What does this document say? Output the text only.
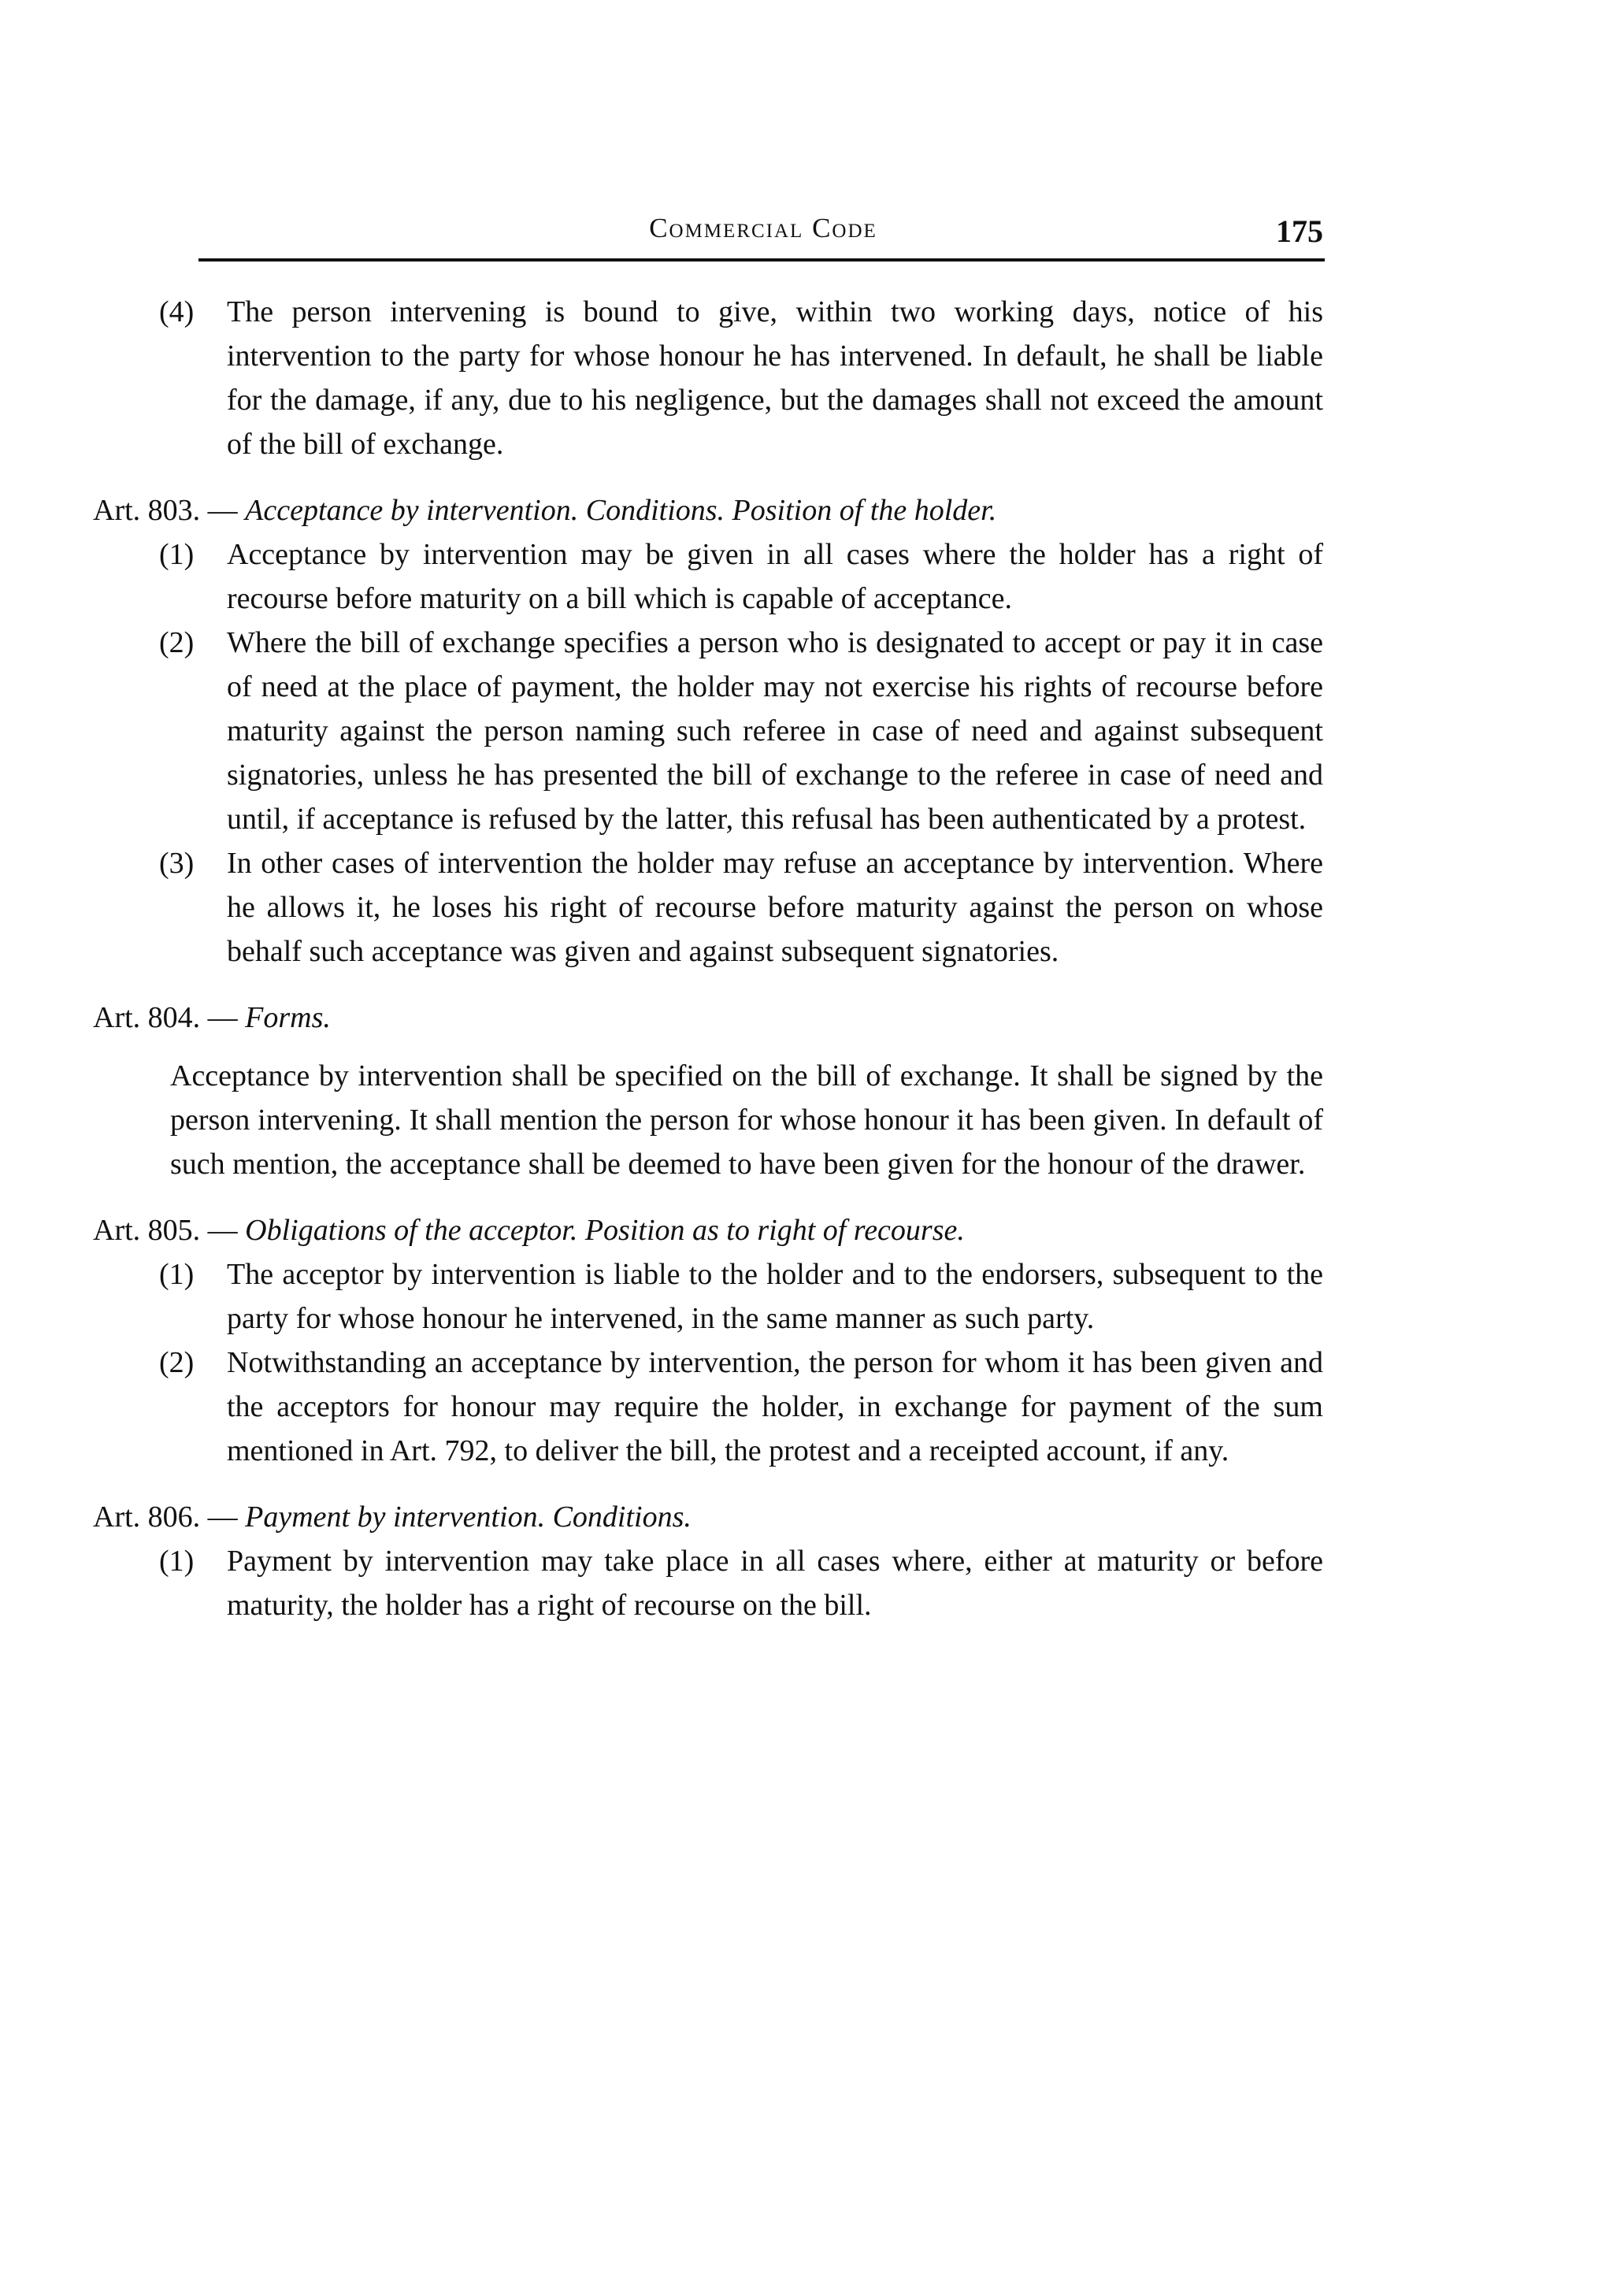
Commercial Code	175
(4)	The person intervening is bound to give, within two working days, notice of his intervention to the party for whose honour he has intervened. In default, he shall be liable for the damage, if any, due to his negligence, but the damages shall not exceed the amount of the bill of exchange.
Art. 803. — Acceptance by intervention. Conditions. Position of the holder.
(1)	Acceptance by intervention may be given in all cases where the holder has a right of recourse before maturity on a bill which is capable of acceptance.
(2)	Where the bill of exchange specifies a person who is designated to accept or pay it in case of need at the place of payment, the holder may not exercise his rights of recourse before maturity against the person naming such referee in case of need and against subsequent signatories, unless he has presented the bill of exchange to the referee in case of need and until, if acceptance is refused by the latter, this refusal has been authenticated by a protest.
(3)	In other cases of intervention the holder may refuse an acceptance by intervention. Where he allows it, he loses his right of recourse before maturity against the person on whose behalf such acceptance was given and against subsequent signatories.
Art. 804. — Forms.
Acceptance by intervention shall be specified on the bill of exchange. It shall be signed by the person intervening. It shall mention the person for whose honour it has been given. In default of such mention, the acceptance shall be deemed to have been given for the honour of the drawer.
Art. 805. — Obligations of the acceptor. Position as to right of recourse.
(1)	The acceptor by intervention is liable to the holder and to the endorsers, subsequent to the party for whose honour he intervened, in the same manner as such party.
(2)	Notwithstanding an acceptance by intervention, the person for whom it has been given and the acceptors for honour may require the holder, in exchange for payment of the sum mentioned in Art. 792, to deliver the bill, the protest and a receipted account, if any.
Art. 806. — Payment by intervention. Conditions.
(1)	Payment by intervention may take place in all cases where, either at maturity or before maturity, the holder has a right of recourse on the bill.
